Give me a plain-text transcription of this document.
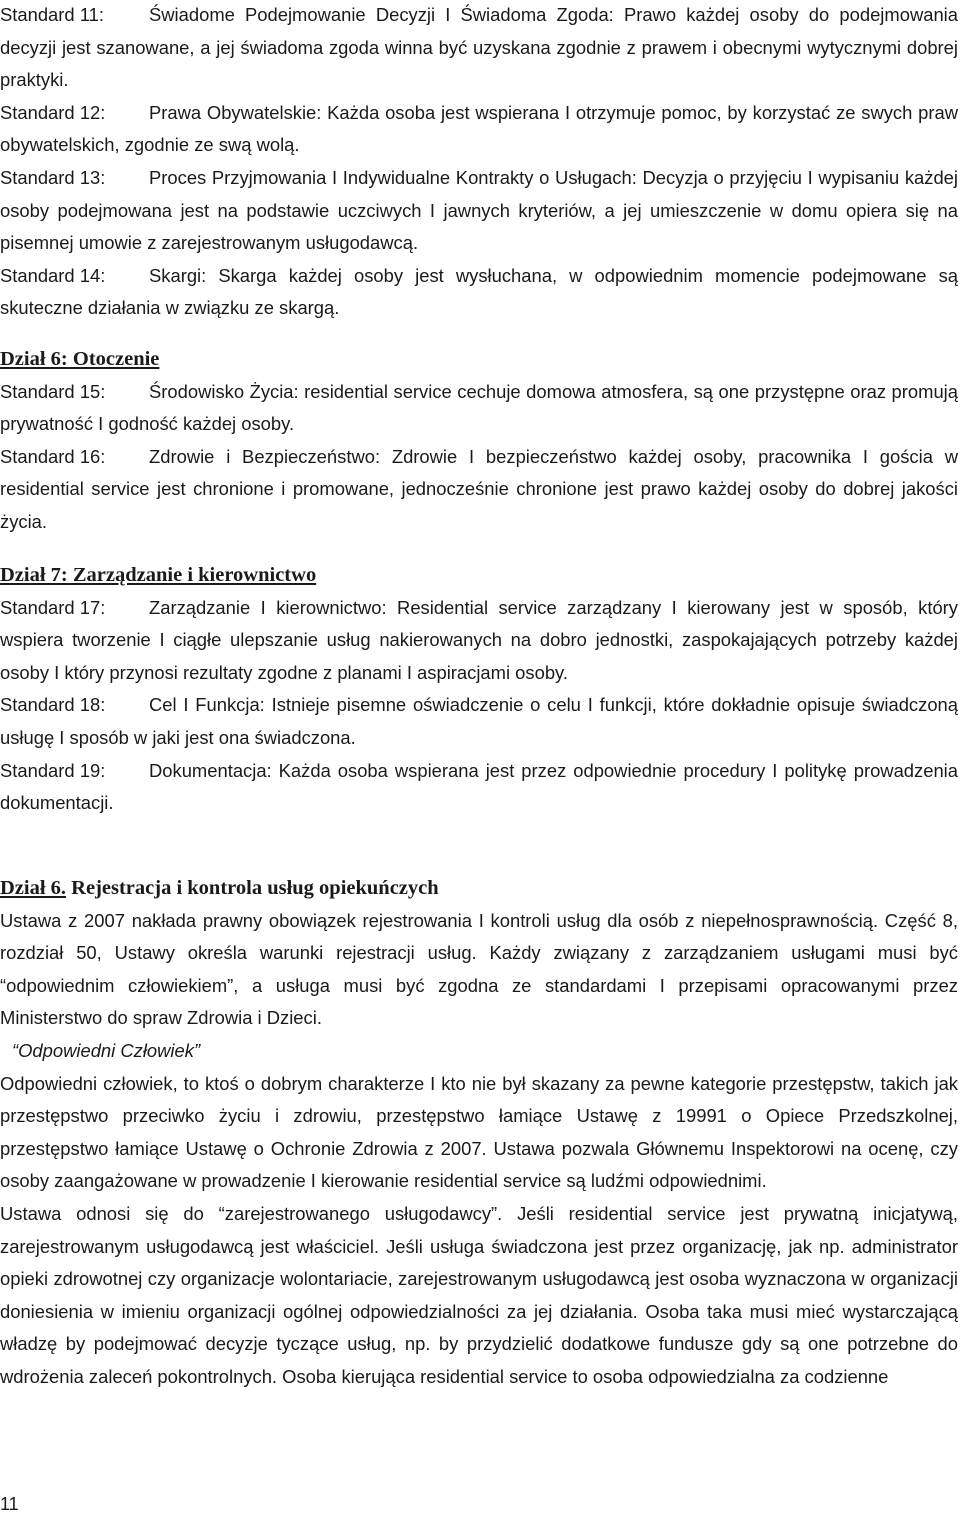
Standard 11: Świadome Podejmowanie Decyzji I Świadoma Zgoda: Prawo każdej osoby do podejmowania decyzji jest szanowane, a jej świadoma zgoda winna być uzyskana zgodnie z prawem i obecnymi wytycznymi dobrej praktyki.

Standard 12: Prawa Obywatelskie: Każda osoba jest wspierana I otrzymuje pomoc, by korzystać ze swych praw obywatelskich, zgodnie ze swą wolą.

Standard 13: Proces Przyjmowania I Indywidualne Kontrakty o Usługach: Decyzja o przyjęciu I wypisaniu każdej osoby podejmowana jest na podstawie uczciwych I jawnych kryteriów, a jej umieszczenie w domu opiera się na pisemnej umowie z zarejestrowanym usługodawcą.

Standard 14: Skargi: Skarga każdej osoby jest wysłuchana, w odpowiednim momencie podejmowane są skuteczne działania w związku ze skargą.

Dział 6: Otoczenie

Standard 15: Środowisko Życia: residential service cechuje domowa atmosfera, są one przystępne oraz promują prywatność I godność każdej osoby.

Standard 16: Zdrowie i Bezpieczeństwo: Zdrowie I bezpieczeństwo każdej osoby, pracownika I gościa w residential service jest chronione i promowane, jednocześnie chronione jest prawo każdej osoby do dobrej jakości życia.

Dział 7: Zarządzanie i kierownictwo

Standard 17: Zarządzanie I kierownictwo: Residential service zarządzany I kierowany jest w sposób, który wspiera tworzenie I ciągłe ulepszanie usług nakierowanych na dobro jednostki, zaspokajających potrzeby każdej osoby I który przynosi rezultaty zgodne z planami I aspiracjami osoby.

Standard 18: Cel I Funkcja: Istnieje pisemne oświadczenie o celu I funkcji, które dokładnie opisuje świadczoną usługę I sposób w jaki jest ona świadczona.

Standard 19: Dokumentacja: Każda osoba wspierana jest przez odpowiednie procedury I politykę prowadzenia dokumentacji.

Dział 6. Rejestracja i kontrola usług opiekuńczych

Ustawa z 2007 nakłada prawny obowiązek rejestrowania I kontroli usług dla osób z niepełnosprawnością. Część 8, rozdział 50, Ustawy określa warunki rejestracji usług. Każdy związany z zarządzaniem usługami musi być “odpowiednim człowiekiem”, a usługa musi być zgodna ze standardami I przepisami opracowanymi przez Ministerstwo do spraw Zdrowia i Dzieci.

“Odpowiedni Człowiek”

Odpowiedni człowiek, to ktoś o dobrym charakterze I kto nie był skazany za pewne kategorie przestępstw, takich jak przestępstwo przeciwko życiu i zdrowiu, przestępstwo łamiące Ustawę z 19991 o Opiece Przedszkolnej, przestępstwo łamiące Ustawę o Ochronie Zdrowia z 2007. Ustawa pozwala Głównemu Inspektorowi na ocenę, czy osoby zaangażowane w prowadzenie I kierowanie residential service są ludźmi odpowiednimi.

Ustawa odnosi się do “zarejestrowanego usługodawcy”. Jeśli residential service jest prywatną inicjatywą, zarejestrowanym usługodawcą jest właściciel. Jeśli usługa świadczona jest przez organizację, jak np. administrator opieki zdrowotnej czy organizacje wolontariacie, zarejestrowanym usługodawcą jest osoba wyznaczona w organizacji doniesienia w imieniu organizacji ogólnej odpowiedzialności za jej działania. Osoba taka musi mieć wystarczającą władzę by podejmować decyzje tyczące usług, np. by przydzielić dodatkowe fundusze gdy są one potrzebne do wdrożenia zaleceń pokontrolnych. Osoba kierująca residential service to osoba odpowiedzialna za codzienne

11
